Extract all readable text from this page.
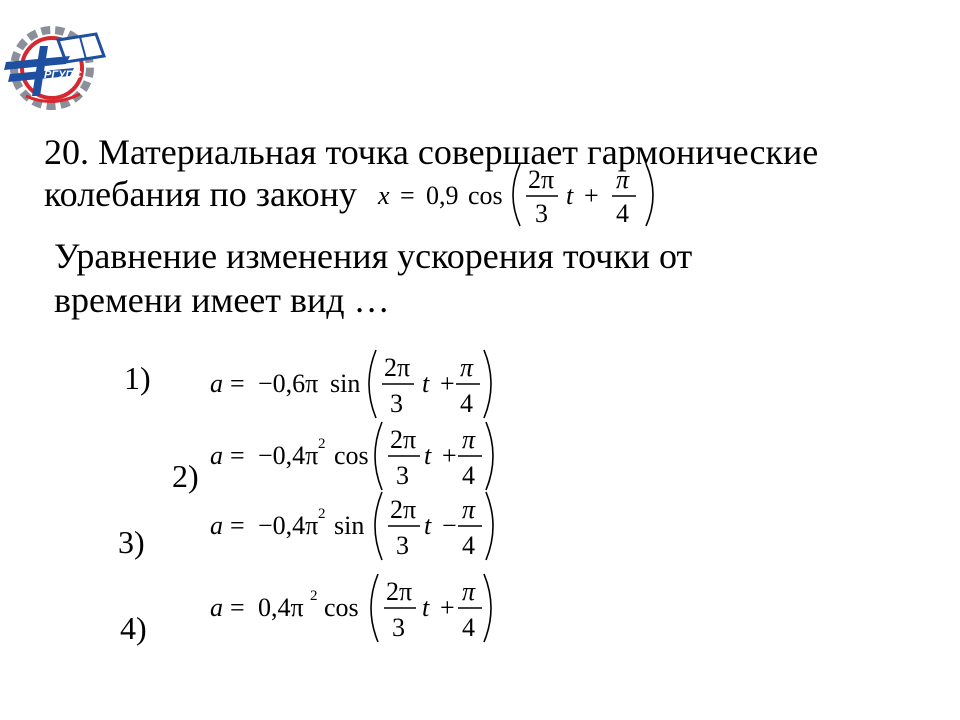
РГУПС
20. Материальная точка совершает гармонические
колебания по закону x = 0,9 cos
2π
3
t +
π
4
Уравнение изменения ускорения точки от
времени имеет вид …
1)
2)
3)
4)
a = −0,6π sin
2π
3
t +
π
4
a = −0,4π 2 cos
2π
3
t +
π
4
a = −0,4π 2 sin
2π
3
t −
π
4
a = 0,4π 2 cos
2π
3
t +
π
4
